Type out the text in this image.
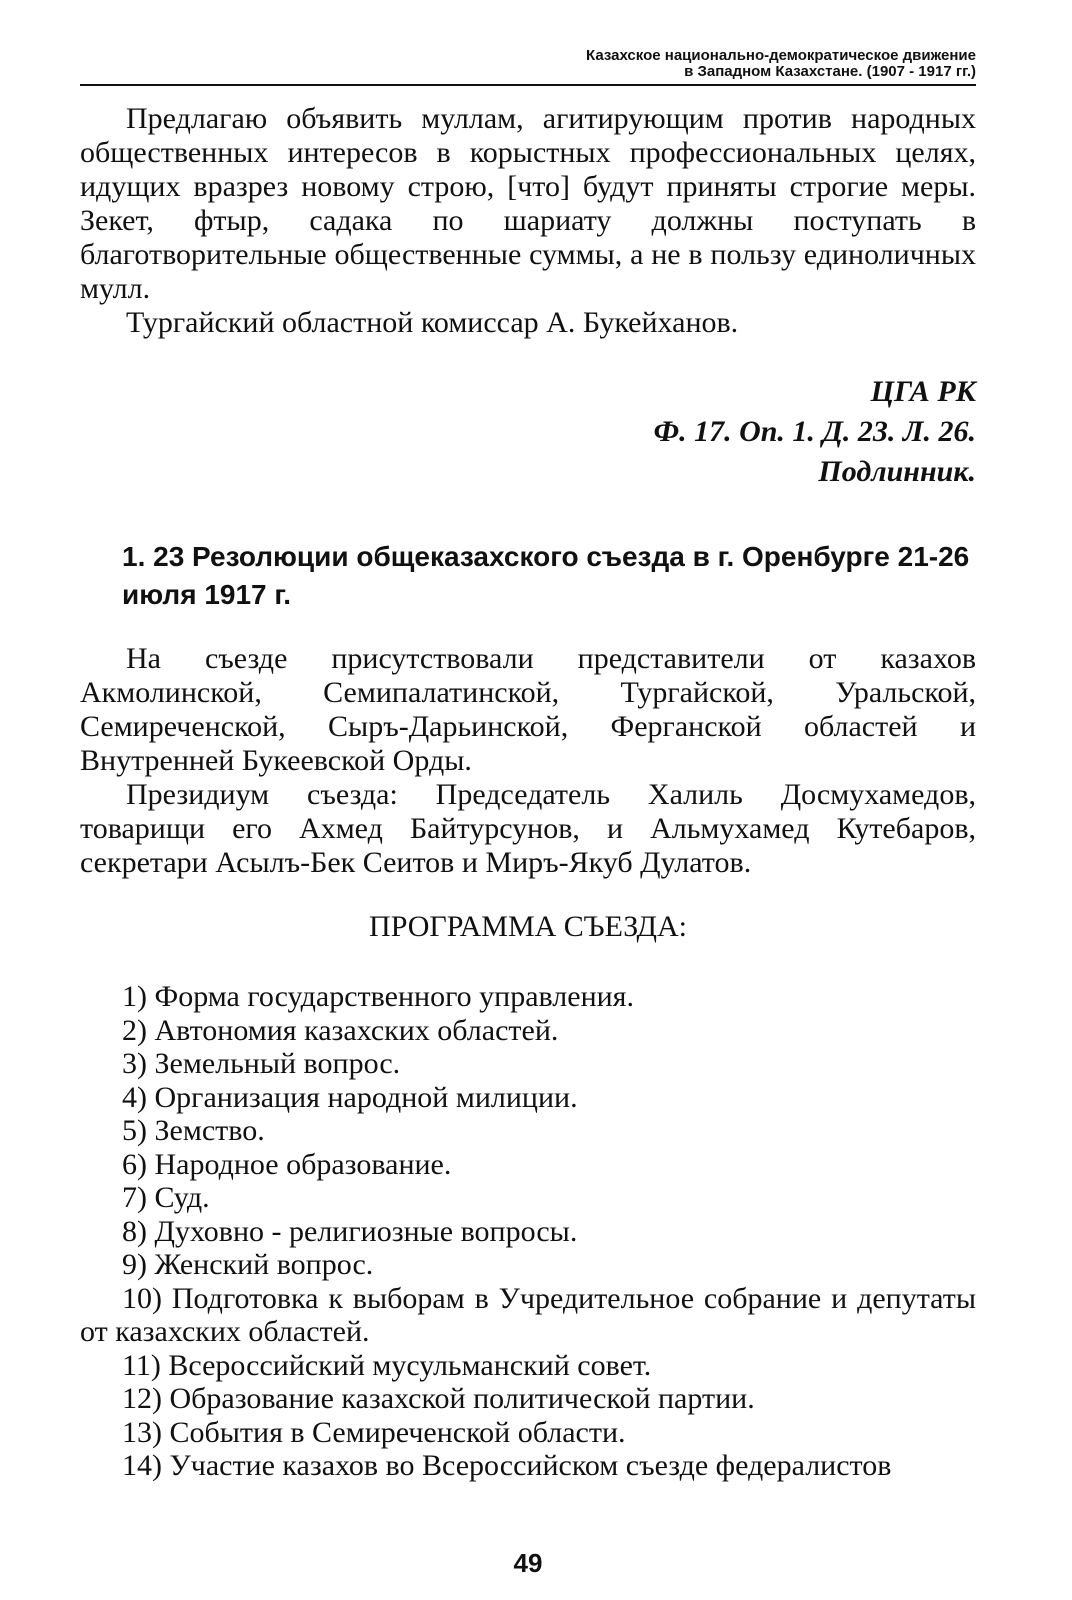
Казахское национально-демократическое движение
в Западном Казахстане. (1907 - 1917 гг.)

Предлагаю объявить муллам, агитирующим против народных общественных интересов в корыстных профессиональных целях, идущих вразрез новому строю, [что] будут приняты строгие меры. Зекет, фтыр, садака по шариату должны поступать в благотворительные общественные суммы, а не в пользу единоличных мулл.

Тургайский областной комиссар А. Букейханов.

ЦГА РК
Ф. 17. Оп. 1. Д. 23. Л. 26.
Подлинник.
1. 23 Резолюции общеказахского съезда в г. Оренбурге 21-26 июля 1917 г.

На съезде присутствовали представители от казахов Акмолинской, Семипалатинской, Тургайской, Уральской, Семиреченской, Сыръ-Дарьинской, Ферганской областей и Внутренней Букеевской Орды.

Президиум съезда: Председатель Халиль Досмухамедов, товарищи его Ахмед Байтурсунов, и Альмухамед Кутебаров, секретари Асылъ-Бек Сеитов и Миръ-Якуб Дулатов.

ПРОГРАММА СЪЕЗДА:

1) Форма государственного управления.

2) Автономия казахских областей.

3) Земельный вопрос.

4) Организация народной милиции.

5) Земство.

6) Народное образование.

7) Суд.

8) Духовно - религиозные вопросы.

9) Женский вопрос.

10) Подготовка к выборам в Учредительное собрание и депутаты от казахских областей.

11) Всероссийский мусульманский совет.

12) Образование казахской политической партии.

13) События в Семиреченской области.

14) Участие казахов во Всероссийском съезде федералистов

49
